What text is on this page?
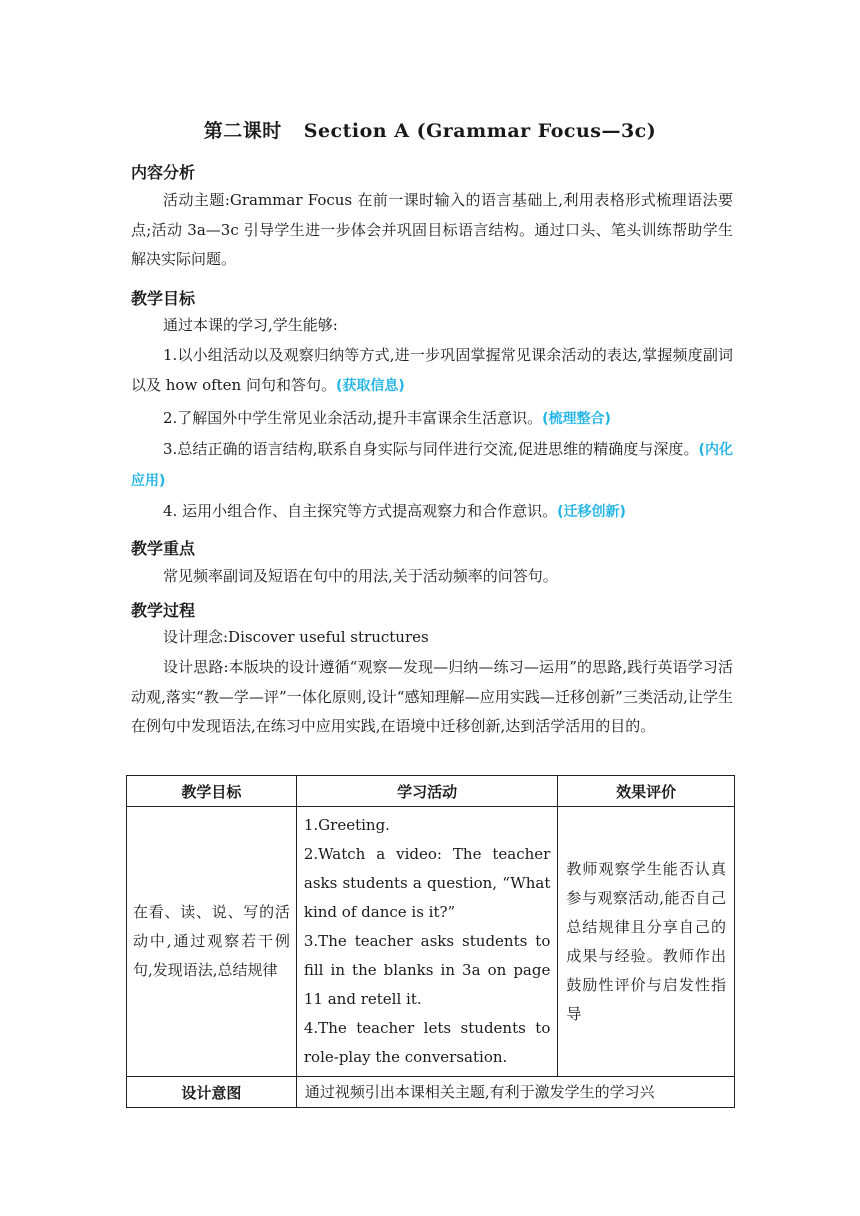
第二课时 Section A (Grammar Focus—3c)
内容分析
活动主题:Grammar Focus 在前一课时输入的语言基础上,利用表格形式梳理语法要点;活动 3a—3c 引导学生进一步体会并巩固目标语言结构。通过口头、笔头训练帮助学生解决实际问题。
教学目标
通过本课的学习,学生能够:
1.以小组活动以及观察归纳等方式,进一步巩固掌握常见课余活动的表达,掌握频度副词以及 how often 问句和答句。(获取信息)
2.了解国外中学生常见业余活动,提升丰富课余生活意识。(梳理整合)
3.总结正确的语言结构,联系自身实际与同伴进行交流,促进思维的精确度与深度。(内化应用)
4. 运用小组合作、自主探究等方式提高观察力和合作意识。(迁移创新)
教学重点
常见频率副词及短语在句中的用法,关于活动频率的问答句。
教学过程
设计理念:Discover useful structures
设计思路:本版块的设计遵循“观察—发现—归纳—练习—运用”的思路,践行英语学习活动观,落实“教—学—评”一体化原则,设计“感知理解—应用实践—迁移创新”三类活动,让学生在例句中发现语法,在练习中应用实践,在语境中迁移创新,达到活学活用的目的。
教学目标	学习活动	效果评价
在看、读、说、写的活动中,通过观察若干例句,发现语法,总结规律	1.Greeting.
2.Watch a video: The teacher asks students a question, “What kind of dance is it?”
3.The teacher asks students to fill in the blanks in 3a on page 11 and retell it.
4.The teacher lets students to role-play the conversation.	教师观察学生能否认真参与观察活动,能否自己总结规律且分享自己的成果与经验。教师作出鼓励性评价与启发性指导
设计意图	通过视频引出本课相关主题,有利于激发学生的学习兴	
